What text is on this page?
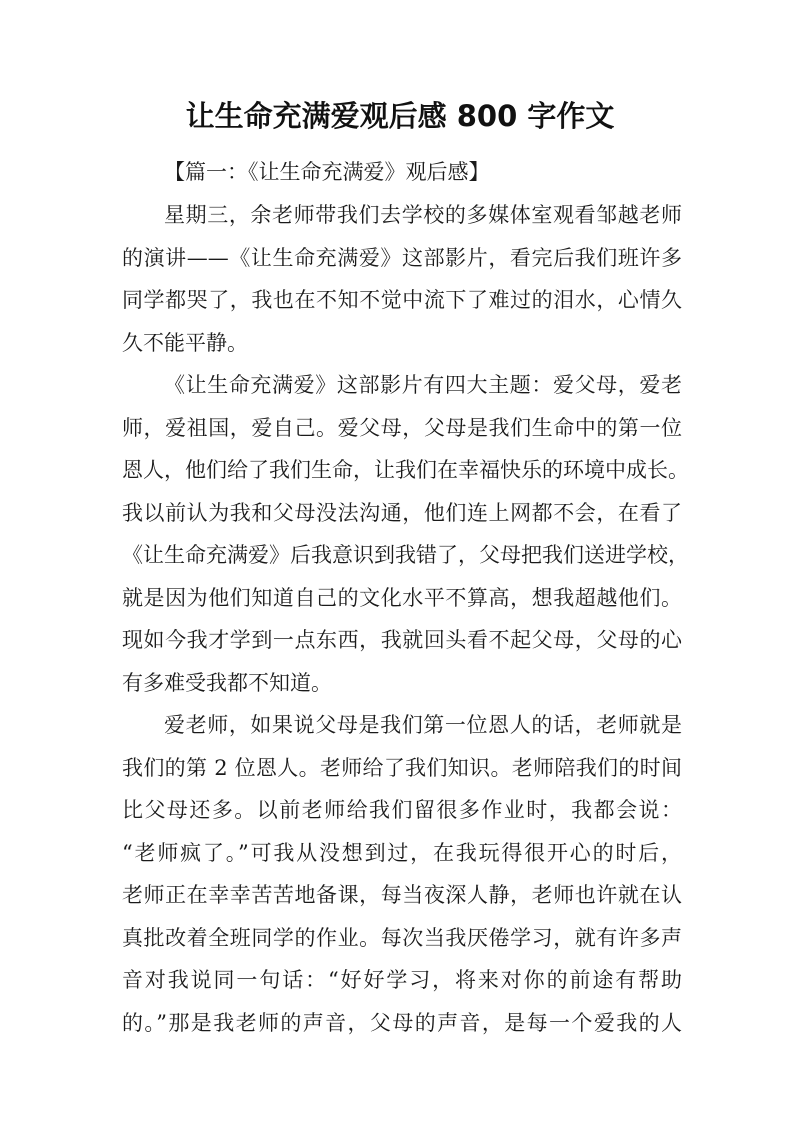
让生命充满爱观后感 800 字作文

【篇一：《让生命充满爱》观后感】

星期三，余老师带我们去学校的多媒体室观看邹越老师

的演讲——《让生命充满爱》这部影片，看完后我们班许多

同学都哭了，我也在不知不觉中流下了难过的泪水，心情久

久不能平静。

《让生命充满爱》这部影片有四大主题：爱父母，爱老

师，爱祖国，爱自己。爱父母，父母是我们生命中的第一位

恩人，他们给了我们生命，让我们在幸福快乐的环境中成长。

我以前认为我和父母没法沟通，他们连上网都不会，在看了

《让生命充满爱》后我意识到我错了，父母把我们送进学校，

就是因为他们知道自己的文化水平不算高，想我超越他们。

现如今我才学到一点东西，我就回头看不起父母，父母的心

有多难受我都不知道。

爱老师，如果说父母是我们第一位恩人的话，老师就是

我们的第 2 位恩人。老师给了我们知识。老师陪我们的时间

比父母还多。以前老师给我们留很多作业时，我都会说：

“老师疯了。”可我从没想到过，在我玩得很开心的时后，

老师正在幸幸苦苦地备课，每当夜深人静，老师也许就在认

真批改着全班同学的作业。每次当我厌倦学习，就有许多声

音对我说同一句话：“好好学习，将来对你的前途有帮助

的。”那是我老师的声音，父母的声音，是每一个爱我的人
